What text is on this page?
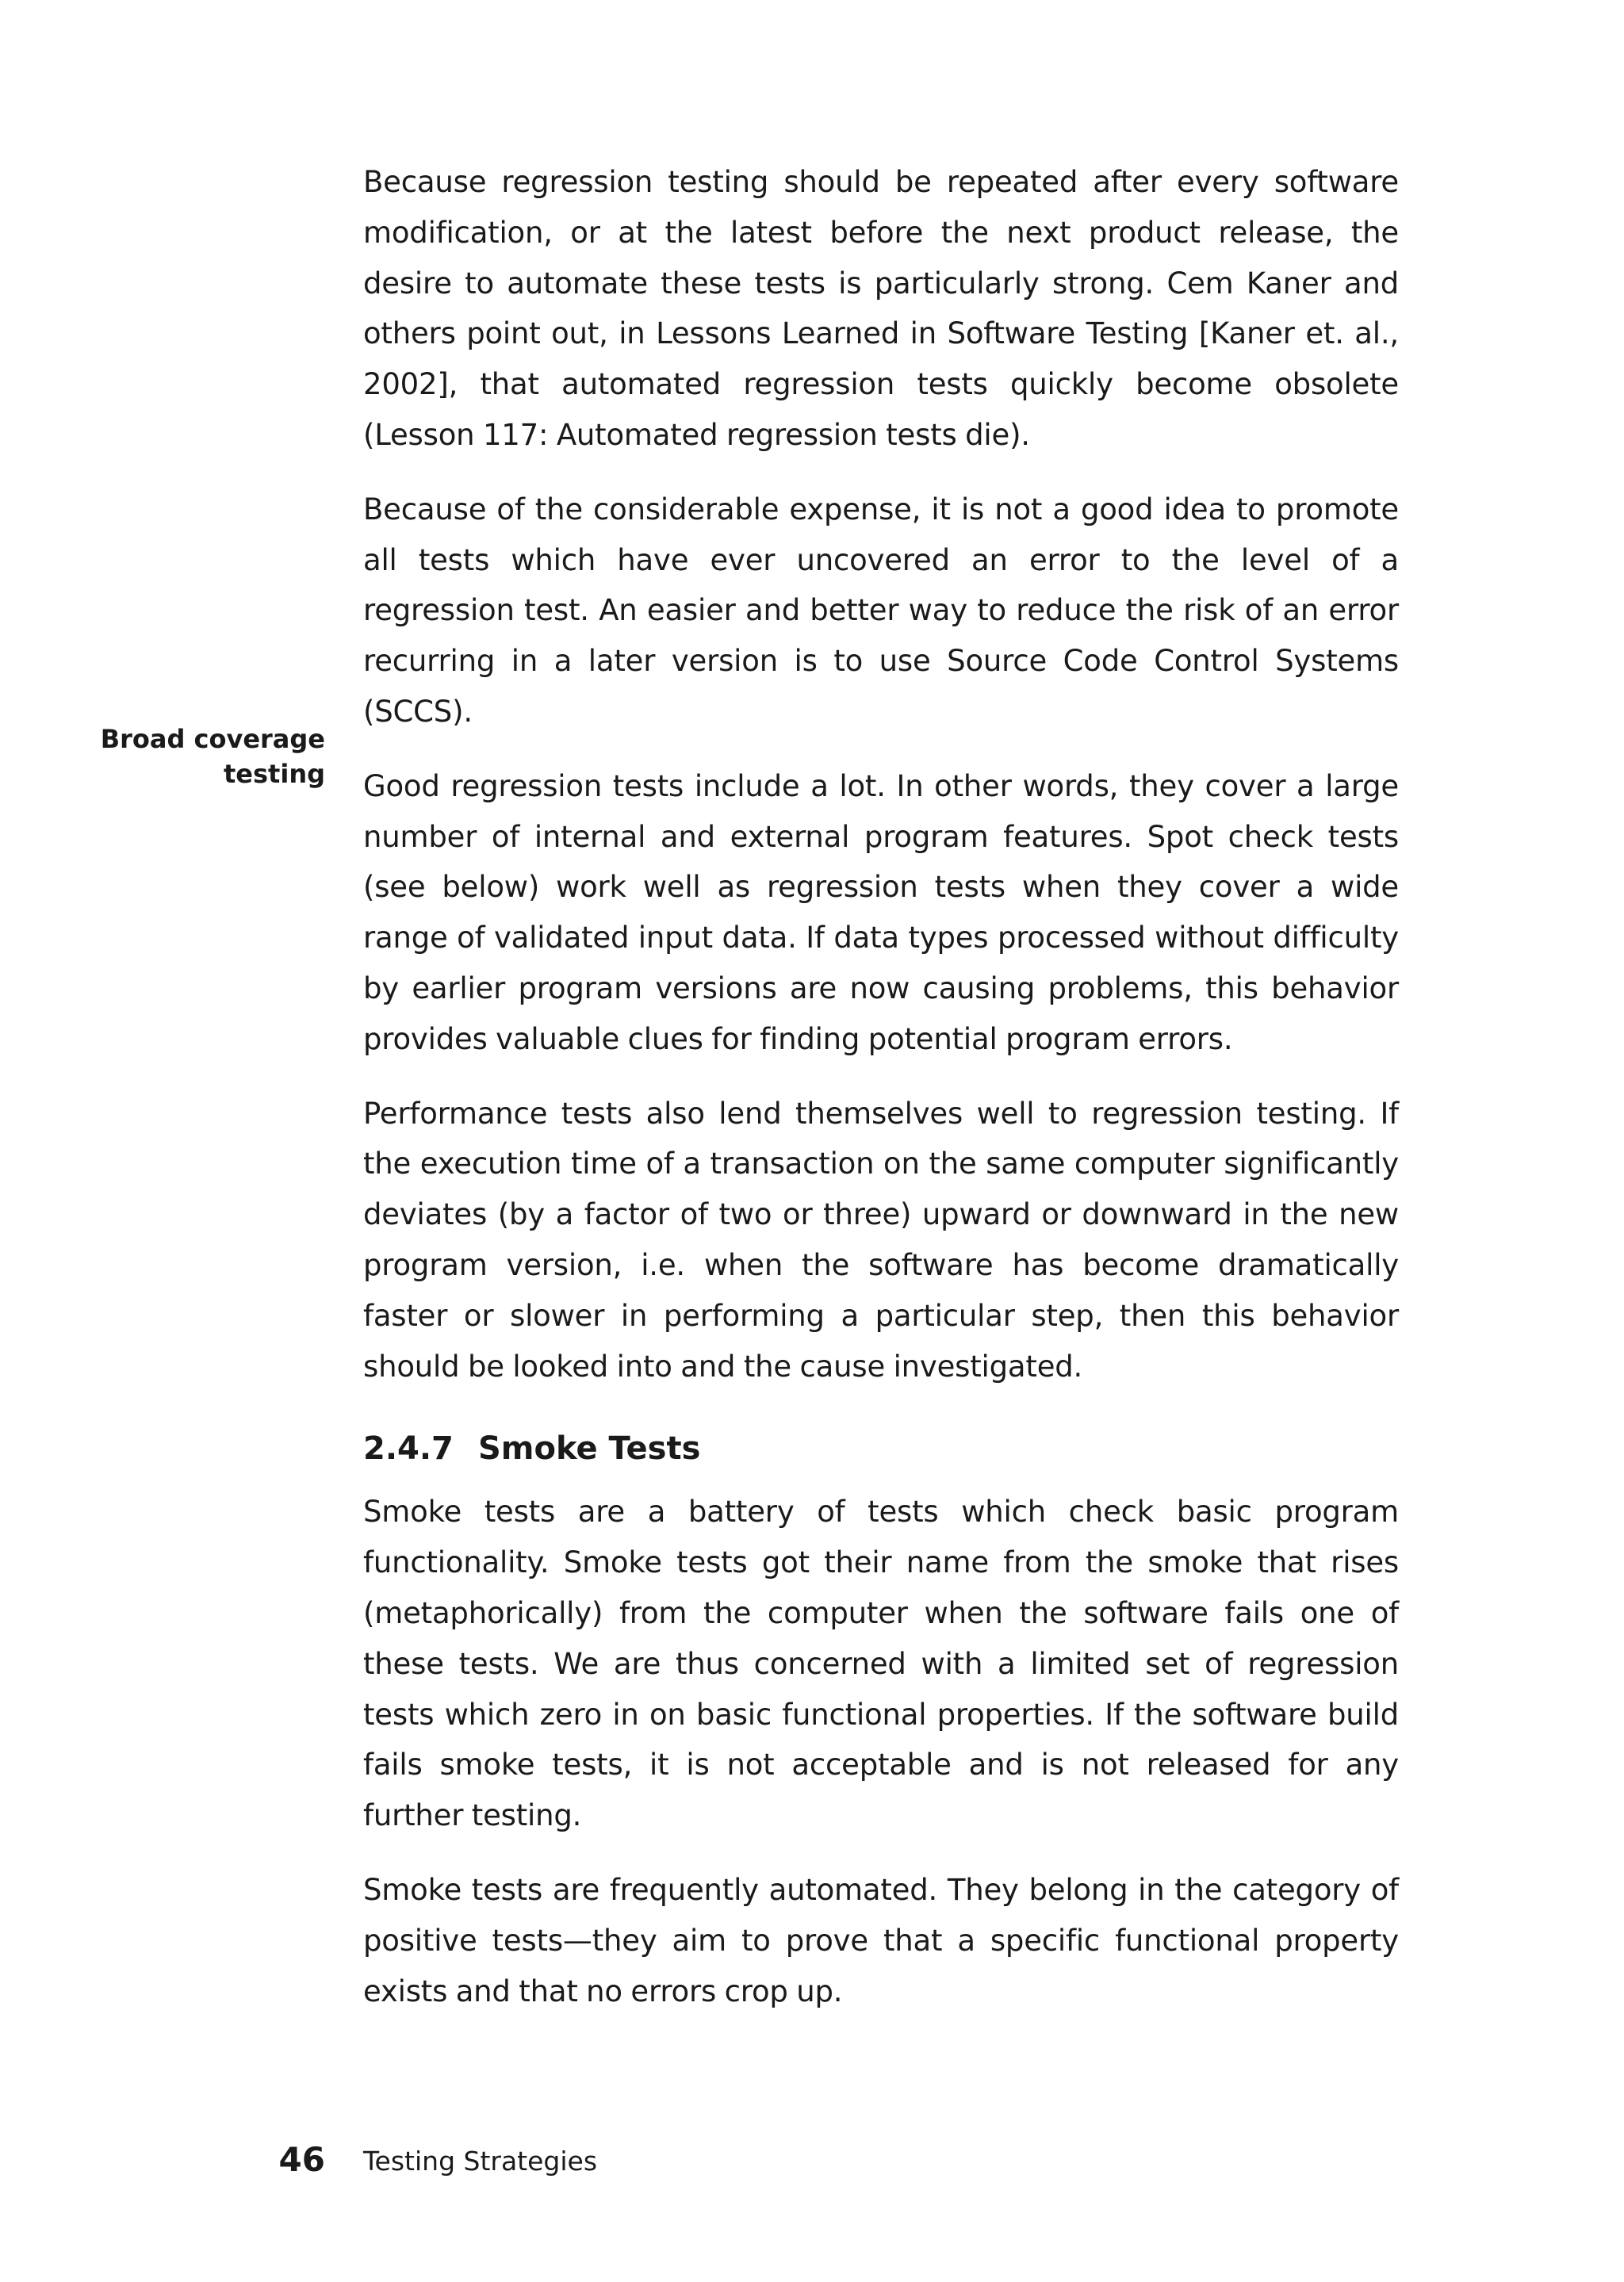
Because regression testing should be repeated after every software modification, or at the latest before the next product release, the desire to automate these tests is particularly strong. Cem Kaner and others point out, in Lessons Learned in Software Testing [Kaner et. al., 2002], that automated regression tests quickly become obsolete (Lesson 117: Automated regression tests die).

Because of the considerable expense, it is not a good idea to promote all tests which have ever uncovered an error to the level of a regression test. An easier and better way to reduce the risk of an error recurring in a later version is to use Source Code Control Systems (SCCS).

Good regression tests include a lot. In other words, they cover a large number of internal and external program features. Spot check tests (see below) work well as regression tests when they cover a wide range of validated input data. If data types processed without difficulty by earlier program versions are now causing problems, this behavior provides valuable clues for finding potential program errors.

Performance tests also lend themselves well to regression testing. If the execution time of a transaction on the same computer significantly deviates (by a factor of two or three) upward or downward in the new program version, i.e. when the software has become dramatically faster or slower in performing a particular step, then this behavior should be looked into and the cause investigated.

2.4.7 Smoke Tests

Smoke tests are a battery of tests which check basic program functionality. Smoke tests got their name from the smoke that rises (metaphorically) from the computer when the software fails one of these tests. We are thus concerned with a limited set of regression tests which zero in on basic functional properties. If the software build fails smoke tests, it is not acceptable and is not released for any further testing.

Smoke tests are frequently automated. They belong in the category of positive tests—they aim to prove that a specific functional property exists and that no errors crop up.

Broad coverage testing
46 Testing Strategies
